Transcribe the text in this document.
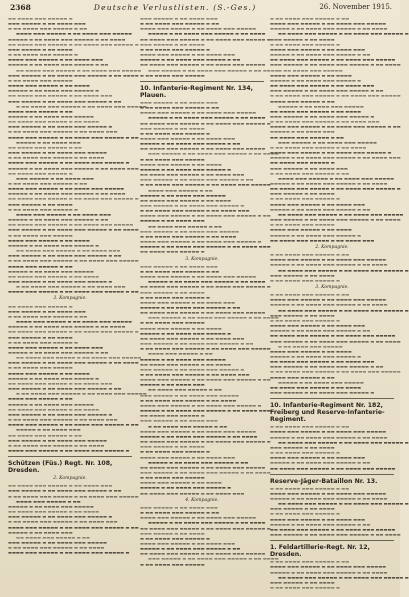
2368	Deutsche Verlustlisten. (S.-Ges.)	26. November 1915.
▬▬ ▬▬▬▬ ▬▬▬ ▬▬▬▬▬ ▬
▬▬▬ ▬▬▬▬▬ ▬ ▬▬ ▬▬▬▬ ▬▬▬
▬ ▬▬ ▬▬▬▬ ▬▬▬ ▬▬▬▬▬ ▬ ▬▬
▬▬▬▬ ▬▬▬ ▬▬▬▬▬ ▬ ▬▬ ▬▬▬▬ ▬▬▬ ▬▬▬▬▬
▬▬▬▬▬ ▬ ▬▬ ▬▬▬▬ ▬▬▬ ▬▬▬▬▬ ▬ ▬▬ ▬▬▬▬
▬▬ ▬▬▬▬ ▬▬▬ ▬▬▬▬▬ ▬ ▬▬ ▬▬▬▬ ▬▬▬ ▬▬▬▬▬ ▬
▬▬▬ ▬▬▬▬▬ ▬ ▬▬ ▬▬▬▬
▬ ▬▬ ▬▬▬▬ ▬▬▬ ▬▬▬▬▬ ▬
▬▬▬▬ ▬▬▬ ▬▬▬▬▬ ▬ ▬▬ ▬▬▬▬ ▬▬▬
▬▬▬▬▬ ▬ ▬▬ ▬▬▬▬ ▬▬▬ ▬▬▬▬▬ ▬ ▬▬
▬▬ ▬▬▬▬ ▬▬▬ ▬▬▬▬▬ ▬ ▬▬ ▬▬▬▬ ▬▬▬ ▬▬▬▬▬
▬▬▬ ▬▬▬▬▬ ▬ ▬▬ ▬▬▬▬ ▬▬▬ ▬▬▬▬▬ ▬ ▬▬ ▬▬▬▬
▬ ▬▬ ▬▬▬▬ ▬▬▬ ▬▬▬▬▬
▬▬▬▬ ▬▬▬ ▬▬▬▬▬ ▬ ▬▬ ▬▬▬▬
▬▬▬▬▬ ▬ ▬▬ ▬▬▬▬ ▬▬▬ ▬▬▬▬▬ ▬
▬▬ ▬▬▬▬ ▬▬▬ ▬▬▬▬▬ ▬ ▬▬ ▬▬▬▬ ▬▬▬
▬▬▬ ▬▬▬▬▬ ▬ ▬▬ ▬▬▬▬ ▬▬▬ ▬▬▬▬▬ ▬ ▬▬
▬ ▬▬ ▬▬▬▬ ▬▬▬ ▬▬▬▬▬ ▬ ▬▬ ▬▬▬▬ ▬▬▬ ▬▬▬▬▬
▬▬▬▬ ▬▬▬ ▬▬▬▬▬ ▬ ▬▬
▬▬▬▬▬ ▬ ▬▬ ▬▬▬▬ ▬▬▬ ▬▬▬▬▬
▬▬ ▬▬▬▬ ▬▬▬ ▬▬▬▬▬ ▬ ▬▬ ▬▬▬▬
▬▬▬ ▬▬▬▬▬ ▬ ▬▬ ▬▬▬▬ ▬▬▬ ▬▬▬▬▬ ▬
▬ ▬▬ ▬▬▬▬ ▬▬▬ ▬▬▬▬▬ ▬ ▬▬ ▬▬▬▬ ▬▬▬
▬▬▬▬ ▬▬▬ ▬▬▬▬▬ ▬ ▬▬ ▬▬▬▬ ▬▬▬ ▬▬▬▬▬ ▬ ▬▬
▬▬▬▬▬ ▬ ▬▬ ▬▬▬▬ ▬▬▬
▬▬ ▬▬▬▬ ▬▬▬ ▬▬▬▬▬ ▬ ▬▬
▬▬▬ ▬▬▬▬▬ ▬ ▬▬ ▬▬▬▬ ▬▬▬ ▬▬▬▬▬
▬ ▬▬ ▬▬▬▬ ▬▬▬ ▬▬▬▬▬ ▬ ▬▬ ▬▬▬▬
▬▬▬▬ ▬▬▬ ▬▬▬▬▬ ▬ ▬▬ ▬▬▬▬ ▬▬▬ ▬▬▬▬▬ ▬
▬▬▬▬▬ ▬ ▬▬ ▬▬▬▬ ▬▬▬ ▬▬▬▬▬ ▬ ▬▬ ▬▬▬▬ ▬▬▬
▬▬ ▬▬▬▬ ▬▬▬ ▬▬▬▬▬ ▬
▬▬▬ ▬▬▬▬▬ ▬ ▬▬ ▬▬▬▬ ▬▬▬
▬ ▬▬ ▬▬▬▬ ▬▬▬ ▬▬▬▬▬ ▬ ▬▬
▬▬▬▬ ▬▬▬ ▬▬▬▬▬ ▬ ▬▬ ▬▬▬▬ ▬▬▬ ▬▬▬▬▬
▬▬▬▬▬ ▬ ▬▬ ▬▬▬▬ ▬▬▬ ▬▬▬▬▬ ▬ ▬▬ ▬▬▬▬
▬▬ ▬▬▬▬ ▬▬▬ ▬▬▬▬▬ ▬ ▬▬ ▬▬▬▬ ▬▬▬ ▬▬▬▬▬ ▬
▬▬▬ ▬▬▬▬▬ ▬ ▬▬ ▬▬▬▬
▬ ▬▬ ▬▬▬▬ ▬▬▬ ▬▬▬▬▬ ▬
▬▬▬▬ ▬▬▬ ▬▬▬▬▬ ▬ ▬▬ ▬▬▬▬ ▬▬▬
▬▬▬▬▬ ▬ ▬▬ ▬▬▬▬ ▬▬▬ ▬▬▬▬▬ ▬ ▬▬
▬▬ ▬▬▬▬ ▬▬▬ ▬▬▬▬▬ ▬ ▬▬ ▬▬▬▬ ▬▬▬ ▬▬▬▬▬
▬▬▬ ▬▬▬▬▬ ▬ ▬▬ ▬▬▬▬ ▬▬▬ ▬▬▬▬▬ ▬ ▬▬ ▬▬▬▬
▬ ▬▬ ▬▬▬▬ ▬▬▬ ▬▬▬▬▬
▬▬▬▬ ▬▬▬ ▬▬▬▬▬ ▬ ▬▬ ▬▬▬▬
▬▬▬▬▬ ▬ ▬▬ ▬▬▬▬ ▬▬▬ ▬▬▬▬▬ ▬
▬▬ ▬▬▬▬ ▬▬▬ ▬▬▬▬▬ ▬ ▬▬ ▬▬▬▬ ▬▬▬
▬▬▬ ▬▬▬▬▬ ▬ ▬▬ ▬▬▬▬ ▬▬▬ ▬▬▬▬▬ ▬ ▬▬
▬ ▬▬ ▬▬▬▬ ▬▬▬ ▬▬▬▬▬ ▬ ▬▬ ▬▬▬▬ ▬▬▬ ▬▬▬▬▬
▬▬▬▬ ▬▬▬ ▬▬▬▬▬ ▬ ▬▬
▬▬▬▬▬ ▬ ▬▬ ▬▬▬▬ ▬▬▬ ▬▬▬▬▬
▬▬ ▬▬▬▬ ▬▬▬ ▬▬▬▬▬ ▬ ▬▬ ▬▬▬▬
▬▬▬ ▬▬▬▬▬ ▬ ▬▬ ▬▬▬▬ ▬▬▬ ▬▬▬▬▬ ▬
▬ ▬▬ ▬▬▬▬ ▬▬▬ ▬▬▬▬▬ ▬ ▬▬ ▬▬▬▬ ▬▬▬
▬▬▬▬ ▬▬▬ ▬▬▬▬▬ ▬ ▬▬ ▬▬▬▬ ▬▬▬ ▬▬▬▬▬ ▬ ▬▬
3. Kompagnie.
▬▬ ▬▬▬▬ ▬▬▬ ▬▬▬▬▬ ▬
▬▬▬ ▬▬▬▬▬ ▬ ▬▬ ▬▬▬▬ ▬▬▬
▬ ▬▬ ▬▬▬▬ ▬▬▬ ▬▬▬▬▬ ▬ ▬▬
▬▬▬▬ ▬▬▬ ▬▬▬▬▬ ▬ ▬▬ ▬▬▬▬ ▬▬▬ ▬▬▬▬▬
▬▬▬▬▬ ▬ ▬▬ ▬▬▬▬ ▬▬▬ ▬▬▬▬▬ ▬ ▬▬ ▬▬▬▬
▬▬ ▬▬▬▬ ▬▬▬ ▬▬▬▬▬ ▬ ▬▬ ▬▬▬▬ ▬▬▬ ▬▬▬▬▬ ▬
▬▬▬ ▬▬▬▬▬ ▬ ▬▬ ▬▬▬▬
▬ ▬▬ ▬▬▬▬ ▬▬▬ ▬▬▬▬▬ ▬
▬▬▬▬ ▬▬▬ ▬▬▬▬▬ ▬ ▬▬ ▬▬▬▬ ▬▬▬
▬▬▬▬▬ ▬ ▬▬ ▬▬▬▬ ▬▬▬ ▬▬▬▬▬ ▬ ▬▬
▬▬ ▬▬▬▬ ▬▬▬ ▬▬▬▬▬ ▬ ▬▬ ▬▬▬▬ ▬▬▬ ▬▬▬▬▬
▬▬▬ ▬▬▬▬▬ ▬ ▬▬ ▬▬▬▬ ▬▬▬ ▬▬▬▬▬ ▬ ▬▬ ▬▬▬▬
▬ ▬▬ ▬▬▬▬ ▬▬▬ ▬▬▬▬▬
▬▬▬▬ ▬▬▬ ▬▬▬▬▬ ▬ ▬▬ ▬▬▬▬
▬▬▬▬▬ ▬ ▬▬ ▬▬▬▬ ▬▬▬ ▬▬▬▬▬ ▬
▬▬ ▬▬▬▬ ▬▬▬ ▬▬▬▬▬ ▬ ▬▬ ▬▬▬▬ ▬▬▬
▬▬▬ ▬▬▬▬▬ ▬ ▬▬ ▬▬▬▬ ▬▬▬ ▬▬▬▬▬ ▬ ▬▬
▬ ▬▬ ▬▬▬▬ ▬▬▬ ▬▬▬▬▬ ▬ ▬▬ ▬▬▬▬ ▬▬▬ ▬▬▬▬▬
▬▬▬▬ ▬▬▬ ▬▬▬▬▬ ▬ ▬▬
▬▬▬▬▬ ▬ ▬▬ ▬▬▬▬ ▬▬▬ ▬▬▬▬▬
▬▬ ▬▬▬▬ ▬▬▬ ▬▬▬▬▬ ▬ ▬▬ ▬▬▬▬
▬▬▬ ▬▬▬▬▬ ▬ ▬▬ ▬▬▬▬ ▬▬▬ ▬▬▬▬▬ ▬
▬ ▬▬ ▬▬▬▬ ▬▬▬ ▬▬▬▬▬ ▬ ▬▬ ▬▬▬▬ ▬▬▬
▬▬▬▬ ▬▬▬ ▬▬▬▬▬ ▬ ▬▬ ▬▬▬▬ ▬▬▬ ▬▬▬▬▬ ▬ ▬▬
▬▬▬▬▬ ▬ ▬▬ ▬▬▬▬ ▬▬▬
▬▬ ▬▬▬▬ ▬▬▬ ▬▬▬▬▬ ▬ ▬▬
▬▬▬ ▬▬▬▬▬ ▬ ▬▬ ▬▬▬▬ ▬▬▬ ▬▬▬▬▬
▬ ▬▬ ▬▬▬▬ ▬▬▬ ▬▬▬▬▬ ▬ ▬▬ ▬▬▬▬
▬▬▬▬ ▬▬▬ ▬▬▬▬▬ ▬ ▬▬ ▬▬▬▬ ▬▬▬ ▬▬▬▬▬ ▬
Schützen (Füs.) Regt. Nr. 108, Dresden.
2. Kompagnie.
▬▬ ▬▬▬▬ ▬▬▬ ▬▬▬▬▬ ▬ ▬▬ ▬▬▬▬ ▬▬▬
▬▬▬ ▬▬▬▬▬ ▬ ▬▬ ▬▬▬▬ ▬▬▬ ▬▬▬▬▬ ▬ ▬▬
▬ ▬▬ ▬▬▬▬ ▬▬▬ ▬▬▬▬▬ ▬ ▬▬ ▬▬▬▬ ▬▬▬ ▬▬▬▬▬
▬▬▬▬ ▬▬▬ ▬▬▬▬▬ ▬ ▬▬
▬▬▬▬▬ ▬ ▬▬ ▬▬▬▬ ▬▬▬ ▬▬▬▬▬
▬▬ ▬▬▬▬ ▬▬▬ ▬▬▬▬▬ ▬ ▬▬ ▬▬▬▬
▬▬▬ ▬▬▬▬▬ ▬ ▬▬ ▬▬▬▬ ▬▬▬ ▬▬▬▬▬ ▬
▬ ▬▬ ▬▬▬▬ ▬▬▬ ▬▬▬▬▬ ▬ ▬▬ ▬▬▬▬ ▬▬▬
▬▬▬▬ ▬▬▬ ▬▬▬▬▬ ▬ ▬▬ ▬▬▬▬ ▬▬▬ ▬▬▬▬▬ ▬ ▬▬
▬▬▬▬▬ ▬ ▬▬ ▬▬▬▬ ▬▬▬
▬▬ ▬▬▬▬ ▬▬▬ ▬▬▬▬▬ ▬ ▬▬
▬▬▬ ▬▬▬▬▬ ▬ ▬▬ ▬▬▬▬ ▬▬▬ ▬▬▬▬▬
▬ ▬▬ ▬▬▬▬ ▬▬▬ ▬▬▬▬▬ ▬ ▬▬ ▬▬▬▬
▬▬▬▬ ▬▬▬ ▬▬▬▬▬ ▬ ▬▬ ▬▬▬▬ ▬▬▬ ▬▬▬▬▬ ▬
▬▬▬ ▬▬▬▬▬ ▬ ▬▬ ▬▬▬▬ ▬▬▬
▬ ▬▬ ▬▬▬▬ ▬▬▬ ▬▬▬▬▬ ▬ ▬▬
▬▬▬▬ ▬▬▬ ▬▬▬▬▬ ▬ ▬▬ ▬▬▬▬ ▬▬▬ ▬▬▬▬▬
▬▬▬▬▬ ▬ ▬▬ ▬▬▬▬ ▬▬▬ ▬▬▬▬▬ ▬ ▬▬ ▬▬▬▬
▬▬ ▬▬▬▬ ▬▬▬ ▬▬▬▬▬ ▬ ▬▬ ▬▬▬▬ ▬▬▬ ▬▬▬▬▬ ▬
▬▬▬ ▬▬▬▬▬ ▬ ▬▬ ▬▬▬▬
▬ ▬▬ ▬▬▬▬ ▬▬▬ ▬▬▬▬▬ ▬
▬▬▬▬ ▬▬▬ ▬▬▬▬▬ ▬ ▬▬ ▬▬▬▬ ▬▬▬
▬▬▬▬▬ ▬ ▬▬ ▬▬▬▬ ▬▬▬ ▬▬▬▬▬ ▬ ▬▬
▬▬ ▬▬▬▬ ▬▬▬ ▬▬▬▬▬ ▬ ▬▬ ▬▬▬▬ ▬▬▬ ▬▬▬▬▬
▬▬▬ ▬▬▬▬▬ ▬ ▬▬ ▬▬▬▬ ▬▬▬ ▬▬▬▬▬ ▬ ▬▬ ▬▬▬▬
▬ ▬▬ ▬▬▬▬ ▬▬▬ ▬▬▬▬▬
10. Infanterie-Regiment Nr. 134, Plauen.
▬▬▬ ▬▬▬▬▬ ▬ ▬▬ ▬▬▬▬ ▬▬▬
▬ ▬▬ ▬▬▬▬ ▬▬▬ ▬▬▬▬▬ ▬ ▬▬
▬▬▬▬ ▬▬▬ ▬▬▬▬▬ ▬ ▬▬ ▬▬▬▬ ▬▬▬ ▬▬▬▬▬
▬▬▬▬▬ ▬ ▬▬ ▬▬▬▬ ▬▬▬ ▬▬▬▬▬ ▬ ▬▬ ▬▬▬▬
▬▬ ▬▬▬▬ ▬▬▬ ▬▬▬▬▬ ▬ ▬▬ ▬▬▬▬ ▬▬▬ ▬▬▬▬▬ ▬
▬▬▬ ▬▬▬▬▬ ▬ ▬▬ ▬▬▬▬
▬ ▬▬ ▬▬▬▬ ▬▬▬ ▬▬▬▬▬ ▬
▬▬▬▬ ▬▬▬ ▬▬▬▬▬ ▬ ▬▬ ▬▬▬▬ ▬▬▬
▬▬▬▬▬ ▬ ▬▬ ▬▬▬▬ ▬▬▬ ▬▬▬▬▬ ▬ ▬▬
▬▬ ▬▬▬▬ ▬▬▬ ▬▬▬▬▬ ▬ ▬▬ ▬▬▬▬ ▬▬▬ ▬▬▬▬▬
▬▬▬ ▬▬▬▬▬ ▬ ▬▬ ▬▬▬▬ ▬▬▬ ▬▬▬▬▬ ▬ ▬▬ ▬▬▬▬
▬ ▬▬ ▬▬▬▬ ▬▬▬ ▬▬▬▬▬
▬▬▬▬ ▬▬▬ ▬▬▬▬▬ ▬ ▬▬ ▬▬▬▬
▬▬▬▬▬ ▬ ▬▬ ▬▬▬▬ ▬▬▬ ▬▬▬▬▬ ▬
▬▬ ▬▬▬▬ ▬▬▬ ▬▬▬▬▬ ▬ ▬▬ ▬▬▬▬ ▬▬▬
▬▬▬ ▬▬▬▬▬ ▬ ▬▬ ▬▬▬▬ ▬▬▬ ▬▬▬▬▬ ▬ ▬▬
▬ ▬▬ ▬▬▬▬ ▬▬▬ ▬▬▬▬▬ ▬ ▬▬ ▬▬▬▬ ▬▬▬ ▬▬▬▬▬
▬▬▬▬ ▬▬▬ ▬▬▬▬▬ ▬ ▬▬
▬▬▬▬▬ ▬ ▬▬ ▬▬▬▬ ▬▬▬ ▬▬▬▬▬
▬▬ ▬▬▬▬ ▬▬▬ ▬▬▬▬▬ ▬ ▬▬ ▬▬▬▬
▬▬▬ ▬▬▬▬▬ ▬ ▬▬ ▬▬▬▬ ▬▬▬ ▬▬▬▬▬ ▬
▬ ▬▬ ▬▬▬▬ ▬▬▬ ▬▬▬▬▬ ▬ ▬▬ ▬▬▬▬ ▬▬▬
▬▬▬▬ ▬▬▬ ▬▬▬▬▬ ▬ ▬▬ ▬▬▬▬ ▬▬▬ ▬▬▬▬▬ ▬ ▬▬
▬▬▬▬▬ ▬ ▬▬ ▬▬▬▬ ▬▬▬
▬▬ ▬▬▬▬ ▬▬▬ ▬▬▬▬▬ ▬ ▬▬
▬▬▬ ▬▬▬▬▬ ▬ ▬▬ ▬▬▬▬ ▬▬▬ ▬▬▬▬▬
▬ ▬▬ ▬▬▬▬ ▬▬▬ ▬▬▬▬▬ ▬ ▬▬ ▬▬▬▬
▬▬▬▬ ▬▬▬ ▬▬▬▬▬ ▬ ▬▬ ▬▬▬▬ ▬▬▬ ▬▬▬▬▬ ▬
▬▬▬▬▬ ▬ ▬▬ ▬▬▬▬ ▬▬▬ ▬▬▬▬▬ ▬ ▬▬ ▬▬▬▬ ▬▬▬
▬▬ ▬▬▬▬ ▬▬▬ ▬▬▬▬▬ ▬
3. Kompagnie.
▬▬▬ ▬▬▬▬▬ ▬ ▬▬ ▬▬▬▬ ▬▬▬
▬ ▬▬ ▬▬▬▬ ▬▬▬ ▬▬▬▬▬ ▬ ▬▬
▬▬▬▬ ▬▬▬ ▬▬▬▬▬ ▬ ▬▬ ▬▬▬▬ ▬▬▬ ▬▬▬▬▬
▬▬▬▬▬ ▬ ▬▬ ▬▬▬▬ ▬▬▬ ▬▬▬▬▬ ▬ ▬▬ ▬▬▬▬
▬▬ ▬▬▬▬ ▬▬▬ ▬▬▬▬▬ ▬ ▬▬ ▬▬▬▬ ▬▬▬ ▬▬▬▬▬ ▬
▬▬▬ ▬▬▬▬▬ ▬ ▬▬ ▬▬▬▬
▬ ▬▬ ▬▬▬▬ ▬▬▬ ▬▬▬▬▬ ▬
▬▬▬▬ ▬▬▬ ▬▬▬▬▬ ▬ ▬▬ ▬▬▬▬ ▬▬▬
▬▬▬▬▬ ▬ ▬▬ ▬▬▬▬ ▬▬▬ ▬▬▬▬▬ ▬ ▬▬
▬▬ ▬▬▬▬ ▬▬▬ ▬▬▬▬▬ ▬ ▬▬ ▬▬▬▬ ▬▬▬ ▬▬▬▬▬
▬▬▬ ▬▬▬▬▬ ▬ ▬▬ ▬▬▬▬ ▬▬▬ ▬▬▬▬▬ ▬ ▬▬ ▬▬▬▬
▬ ▬▬ ▬▬▬▬ ▬▬▬ ▬▬▬▬▬
▬▬▬▬ ▬▬▬ ▬▬▬▬▬ ▬ ▬▬ ▬▬▬▬
▬▬▬▬▬ ▬ ▬▬ ▬▬▬▬ ▬▬▬ ▬▬▬▬▬ ▬
▬▬ ▬▬▬▬ ▬▬▬ ▬▬▬▬▬ ▬ ▬▬ ▬▬▬▬ ▬▬▬
▬▬▬ ▬▬▬▬▬ ▬ ▬▬ ▬▬▬▬ ▬▬▬ ▬▬▬▬▬ ▬ ▬▬
▬ ▬▬ ▬▬▬▬ ▬▬▬ ▬▬▬▬▬ ▬ ▬▬ ▬▬▬▬ ▬▬▬ ▬▬▬▬▬
▬▬▬▬ ▬▬▬ ▬▬▬▬▬ ▬ ▬▬
▬▬▬▬▬ ▬ ▬▬ ▬▬▬▬ ▬▬▬ ▬▬▬▬▬
▬▬ ▬▬▬▬ ▬▬▬ ▬▬▬▬▬ ▬ ▬▬ ▬▬▬▬
▬▬▬ ▬▬▬▬▬ ▬ ▬▬ ▬▬▬▬ ▬▬▬ ▬▬▬▬▬ ▬
▬ ▬▬ ▬▬▬▬ ▬▬▬ ▬▬▬▬▬ ▬ ▬▬ ▬▬▬▬ ▬▬▬
▬▬▬▬ ▬▬▬ ▬▬▬▬▬ ▬ ▬▬ ▬▬▬▬ ▬▬▬ ▬▬▬▬▬ ▬ ▬▬
▬▬▬▬▬ ▬ ▬▬ ▬▬▬▬ ▬▬▬
▬▬ ▬▬▬▬ ▬▬▬ ▬▬▬▬▬ ▬ ▬▬
▬▬▬ ▬▬▬▬▬ ▬ ▬▬ ▬▬▬▬ ▬▬▬ ▬▬▬▬▬
▬ ▬▬ ▬▬▬▬ ▬▬▬ ▬▬▬▬▬ ▬ ▬▬ ▬▬▬▬
▬▬▬▬ ▬▬▬ ▬▬▬▬▬ ▬ ▬▬ ▬▬▬▬ ▬▬▬ ▬▬▬▬▬ ▬
▬▬▬▬▬ ▬ ▬▬ ▬▬▬▬ ▬▬▬ ▬▬▬▬▬ ▬ ▬▬ ▬▬▬▬ ▬▬▬
▬▬ ▬▬▬▬ ▬▬▬ ▬▬▬▬▬ ▬
▬▬▬ ▬▬▬▬▬ ▬ ▬▬ ▬▬▬▬ ▬▬▬
▬ ▬▬ ▬▬▬▬ ▬▬▬ ▬▬▬▬▬ ▬ ▬▬
▬▬▬▬ ▬▬▬ ▬▬▬▬▬ ▬ ▬▬ ▬▬▬▬ ▬▬▬ ▬▬▬▬▬
▬▬▬▬▬ ▬ ▬▬ ▬▬▬▬ ▬▬▬ ▬▬▬▬▬ ▬ ▬▬ ▬▬▬▬
▬▬ ▬▬▬▬ ▬▬▬ ▬▬▬▬▬ ▬ ▬▬ ▬▬▬▬ ▬▬▬ ▬▬▬▬▬ ▬
▬▬▬ ▬▬▬▬▬ ▬ ▬▬ ▬▬▬▬
▬ ▬▬ ▬▬▬▬ ▬▬▬ ▬▬▬▬▬ ▬
▬▬▬▬ ▬▬▬ ▬▬▬▬▬ ▬ ▬▬ ▬▬▬▬ ▬▬▬
▬▬▬▬▬ ▬ ▬▬ ▬▬▬▬ ▬▬▬ ▬▬▬▬▬ ▬ ▬▬
▬▬ ▬▬▬▬ ▬▬▬ ▬▬▬▬▬ ▬ ▬▬ ▬▬▬▬ ▬▬▬ ▬▬▬▬▬
▬▬▬ ▬▬▬▬▬ ▬ ▬▬ ▬▬▬▬ ▬▬▬ ▬▬▬▬▬ ▬ ▬▬ ▬▬▬▬
▬ ▬▬ ▬▬▬▬ ▬▬▬ ▬▬▬▬▬
▬▬▬▬ ▬▬▬ ▬▬▬▬▬ ▬ ▬▬ ▬▬▬▬
▬▬▬▬▬ ▬ ▬▬ ▬▬▬▬ ▬▬▬ ▬▬▬▬▬ ▬
▬▬ ▬▬▬▬ ▬▬▬ ▬▬▬▬▬ ▬ ▬▬ ▬▬▬▬ ▬▬▬
4. Kompagnie.
▬▬▬ ▬▬▬▬▬ ▬ ▬▬ ▬▬▬▬ ▬▬▬
▬ ▬▬ ▬▬▬▬ ▬▬▬ ▬▬▬▬▬ ▬ ▬▬
▬▬▬▬ ▬▬▬ ▬▬▬▬▬ ▬ ▬▬ ▬▬▬▬ ▬▬▬ ▬▬▬▬▬
▬▬▬▬▬ ▬ ▬▬ ▬▬▬▬ ▬▬▬ ▬▬▬▬▬ ▬ ▬▬ ▬▬▬▬
▬▬ ▬▬▬▬ ▬▬▬ ▬▬▬▬▬ ▬ ▬▬ ▬▬▬▬ ▬▬▬ ▬▬▬▬▬ ▬
▬▬▬ ▬▬▬▬▬ ▬ ▬▬ ▬▬▬▬
▬ ▬▬ ▬▬▬▬ ▬▬▬ ▬▬▬▬▬ ▬
▬▬▬▬ ▬▬▬ ▬▬▬▬▬ ▬ ▬▬ ▬▬▬▬ ▬▬▬
▬▬▬▬▬ ▬ ▬▬ ▬▬▬▬ ▬▬▬ ▬▬▬▬▬ ▬ ▬▬
▬▬ ▬▬▬▬ ▬▬▬ ▬▬▬▬▬ ▬ ▬▬ ▬▬▬▬ ▬▬▬ ▬▬▬▬▬
▬▬▬ ▬▬▬▬▬ ▬ ▬▬ ▬▬▬▬ ▬▬▬ ▬▬▬▬▬ ▬ ▬▬ ▬▬▬▬
▬ ▬▬ ▬▬▬▬ ▬▬▬ ▬▬▬▬▬
▬ ▬▬ ▬▬▬▬ ▬▬▬ ▬▬▬▬▬ ▬ ▬▬
▬▬▬▬ ▬▬▬ ▬▬▬▬▬ ▬ ▬▬ ▬▬▬▬ ▬▬▬ ▬▬▬▬▬
▬▬▬▬▬ ▬ ▬▬ ▬▬▬▬ ▬▬▬ ▬▬▬▬▬ ▬ ▬▬ ▬▬▬▬
▬▬ ▬▬▬▬ ▬▬▬ ▬▬▬▬▬ ▬ ▬▬ ▬▬▬▬ ▬▬▬ ▬▬▬▬▬ ▬
▬▬▬ ▬▬▬▬▬ ▬ ▬▬ ▬▬▬▬
▬ ▬▬ ▬▬▬▬ ▬▬▬ ▬▬▬▬▬ ▬
▬▬▬▬ ▬▬▬ ▬▬▬▬▬ ▬ ▬▬ ▬▬▬▬ ▬▬▬
▬▬▬▬▬ ▬ ▬▬ ▬▬▬▬ ▬▬▬ ▬▬▬▬▬ ▬ ▬▬
▬▬ ▬▬▬▬ ▬▬▬ ▬▬▬▬▬ ▬ ▬▬ ▬▬▬▬ ▬▬▬ ▬▬▬▬▬
▬▬▬ ▬▬▬▬▬ ▬ ▬▬ ▬▬▬▬ ▬▬▬ ▬▬▬▬▬ ▬ ▬▬ ▬▬▬▬
▬ ▬▬ ▬▬▬▬ ▬▬▬ ▬▬▬▬▬
▬▬▬▬ ▬▬▬ ▬▬▬▬▬ ▬ ▬▬ ▬▬▬▬
▬▬▬▬▬ ▬ ▬▬ ▬▬▬▬ ▬▬▬ ▬▬▬▬▬ ▬
▬▬ ▬▬▬▬ ▬▬▬ ▬▬▬▬▬ ▬ ▬▬ ▬▬▬▬ ▬▬▬
▬▬▬ ▬▬▬▬▬ ▬ ▬▬ ▬▬▬▬ ▬▬▬ ▬▬▬▬▬ ▬ ▬▬
▬ ▬▬ ▬▬▬▬ ▬▬▬ ▬▬▬▬▬ ▬ ▬▬ ▬▬▬▬ ▬▬▬ ▬▬▬▬▬
▬▬▬▬ ▬▬▬ ▬▬▬▬▬ ▬ ▬▬
▬▬▬▬▬ ▬ ▬▬ ▬▬▬▬ ▬▬▬ ▬▬▬▬▬
▬▬ ▬▬▬▬ ▬▬▬ ▬▬▬▬▬ ▬ ▬▬ ▬▬▬▬
▬▬▬ ▬▬▬▬▬ ▬ ▬▬ ▬▬▬▬ ▬▬▬ ▬▬▬▬▬ ▬
▬ ▬▬ ▬▬▬▬ ▬▬▬ ▬▬▬▬▬ ▬ ▬▬ ▬▬▬▬ ▬▬▬
▬▬▬▬ ▬▬▬ ▬▬▬▬▬ ▬ ▬▬ ▬▬▬▬ ▬▬▬ ▬▬▬▬▬ ▬ ▬▬
▬▬▬▬▬ ▬ ▬▬ ▬▬▬▬ ▬▬▬
▬▬ ▬▬▬▬ ▬▬▬ ▬▬▬▬▬ ▬ ▬▬
▬▬▬ ▬▬▬▬▬ ▬ ▬▬ ▬▬▬▬ ▬▬▬ ▬▬▬▬▬
▬ ▬▬ ▬▬▬▬ ▬▬▬ ▬▬▬▬▬ ▬ ▬▬ ▬▬▬▬
▬▬▬▬ ▬▬▬ ▬▬▬▬▬ ▬ ▬▬ ▬▬▬▬ ▬▬▬ ▬▬▬▬▬ ▬
▬▬▬▬▬ ▬ ▬▬ ▬▬▬▬ ▬▬▬ ▬▬▬▬▬ ▬ ▬▬ ▬▬▬▬ ▬▬▬
▬▬ ▬▬▬▬ ▬▬▬ ▬▬▬▬▬ ▬
▬▬▬ ▬▬▬▬▬ ▬ ▬▬ ▬▬▬▬ ▬▬▬
▬ ▬▬ ▬▬▬▬ ▬▬▬ ▬▬▬▬▬ ▬ ▬▬
▬▬▬▬ ▬▬▬ ▬▬▬▬▬ ▬ ▬▬ ▬▬▬▬ ▬▬▬ ▬▬▬▬▬
▬▬▬▬▬ ▬ ▬▬ ▬▬▬▬ ▬▬▬ ▬▬▬▬▬ ▬ ▬▬ ▬▬▬▬
▬▬ ▬▬▬▬ ▬▬▬ ▬▬▬▬▬ ▬ ▬▬ ▬▬▬▬ ▬▬▬ ▬▬▬▬▬ ▬
▬▬▬ ▬▬▬▬▬ ▬ ▬▬ ▬▬▬▬
▬ ▬▬ ▬▬▬▬ ▬▬▬ ▬▬▬▬▬ ▬
▬▬▬▬ ▬▬▬ ▬▬▬▬▬ ▬ ▬▬ ▬▬▬▬ ▬▬▬
▬▬▬▬▬ ▬ ▬▬ ▬▬▬▬ ▬▬▬ ▬▬▬▬▬ ▬ ▬▬
▬▬ ▬▬▬▬ ▬▬▬ ▬▬▬▬▬ ▬ ▬▬ ▬▬▬▬ ▬▬▬ ▬▬▬▬▬
▬▬▬ ▬▬▬▬▬ ▬ ▬▬ ▬▬▬▬ ▬▬▬ ▬▬▬▬▬ ▬ ▬▬ ▬▬▬▬
▬ ▬▬ ▬▬▬▬ ▬▬▬ ▬▬▬▬▬
▬▬▬▬ ▬▬▬ ▬▬▬▬▬ ▬ ▬▬ ▬▬▬▬
▬▬▬▬▬ ▬ ▬▬ ▬▬▬▬ ▬▬▬ ▬▬▬▬▬ ▬
▬▬ ▬▬▬▬ ▬▬▬ ▬▬▬▬▬ ▬ ▬▬ ▬▬▬▬ ▬▬▬
2. Kompagnie.
▬ ▬▬ ▬▬▬▬ ▬▬▬ ▬▬▬▬▬ ▬ ▬▬
▬▬▬▬ ▬▬▬ ▬▬▬▬▬ ▬ ▬▬ ▬▬▬▬ ▬▬▬ ▬▬▬▬▬
▬▬▬▬▬ ▬ ▬▬ ▬▬▬▬ ▬▬▬ ▬▬▬▬▬ ▬ ▬▬ ▬▬▬▬
▬▬ ▬▬▬▬ ▬▬▬ ▬▬▬▬▬ ▬ ▬▬ ▬▬▬▬ ▬▬▬ ▬▬▬▬▬ ▬
▬▬▬ ▬▬▬▬▬ ▬ ▬▬ ▬▬▬▬
▬ ▬▬ ▬▬▬▬ ▬▬▬ ▬▬▬▬▬ ▬
3. Kompagnie.
▬ ▬▬ ▬▬▬▬ ▬▬▬ ▬▬▬▬▬ ▬ ▬▬
▬▬▬▬ ▬▬▬ ▬▬▬▬▬ ▬ ▬▬ ▬▬▬▬ ▬▬▬ ▬▬▬▬▬
▬▬▬▬▬ ▬ ▬▬ ▬▬▬▬ ▬▬▬ ▬▬▬▬▬ ▬ ▬▬ ▬▬▬▬
▬▬ ▬▬▬▬ ▬▬▬ ▬▬▬▬▬ ▬ ▬▬ ▬▬▬▬ ▬▬▬ ▬▬▬▬▬ ▬
▬▬▬ ▬▬▬▬▬ ▬ ▬▬ ▬▬▬▬
▬ ▬▬ ▬▬▬▬ ▬▬▬ ▬▬▬▬▬ ▬
▬▬▬▬ ▬▬▬ ▬▬▬▬▬ ▬ ▬▬ ▬▬▬▬ ▬▬▬
▬▬▬▬▬ ▬ ▬▬ ▬▬▬▬ ▬▬▬ ▬▬▬▬▬ ▬ ▬▬
▬▬ ▬▬▬▬ ▬▬▬ ▬▬▬▬▬ ▬ ▬▬ ▬▬▬▬ ▬▬▬ ▬▬▬▬▬
▬▬▬ ▬▬▬▬▬ ▬ ▬▬ ▬▬▬▬ ▬▬▬ ▬▬▬▬▬ ▬ ▬▬ ▬▬▬▬
▬ ▬▬ ▬▬▬▬ ▬▬▬ ▬▬▬▬▬
▬▬▬▬ ▬▬▬ ▬▬▬▬▬ ▬ ▬▬ ▬▬▬▬
▬▬▬▬▬ ▬ ▬▬ ▬▬▬▬ ▬▬▬ ▬▬▬▬▬ ▬
▬▬ ▬▬▬▬ ▬▬▬ ▬▬▬▬▬ ▬ ▬▬ ▬▬▬▬ ▬▬▬
▬▬▬ ▬▬▬▬▬ ▬ ▬▬ ▬▬▬▬ ▬▬▬ ▬▬▬▬▬ ▬ ▬▬
▬ ▬▬ ▬▬▬▬ ▬▬▬ ▬▬▬▬▬ ▬ ▬▬ ▬▬▬▬ ▬▬▬ ▬▬▬▬▬
▬▬▬▬ ▬▬▬ ▬▬▬▬▬ ▬ ▬▬
▬▬▬▬▬ ▬ ▬▬ ▬▬▬▬ ▬▬▬ ▬▬▬▬▬
▬▬ ▬▬▬▬ ▬▬▬ ▬▬▬▬▬ ▬ ▬▬ ▬▬▬▬
▬▬▬ ▬▬▬▬▬ ▬ ▬▬ ▬▬▬▬ ▬▬▬ ▬▬▬▬▬ ▬
10. Infanterie-Regiment Nr. 182, Freiberg und Reserve-Infanterie-Regiment.
▬ ▬▬ ▬▬▬▬ ▬▬▬ ▬▬▬▬▬ ▬ ▬▬
▬▬▬▬ ▬▬▬ ▬▬▬▬▬ ▬ ▬▬ ▬▬▬▬ ▬▬▬ ▬▬▬▬▬
▬▬▬▬▬ ▬ ▬▬ ▬▬▬▬ ▬▬▬ ▬▬▬▬▬ ▬ ▬▬ ▬▬▬▬
▬▬ ▬▬▬▬ ▬▬▬ ▬▬▬▬▬ ▬ ▬▬ ▬▬▬▬ ▬▬▬ ▬▬▬▬▬ ▬
▬▬▬ ▬▬▬▬▬ ▬ ▬▬ ▬▬▬▬
▬ ▬▬ ▬▬▬▬ ▬▬▬ ▬▬▬▬▬ ▬
▬▬▬▬ ▬▬▬ ▬▬▬▬▬ ▬ ▬▬ ▬▬▬▬ ▬▬▬
▬▬▬▬▬ ▬ ▬▬ ▬▬▬▬ ▬▬▬ ▬▬▬▬▬ ▬ ▬▬
▬▬ ▬▬▬▬ ▬▬▬ ▬▬▬▬▬ ▬ ▬▬ ▬▬▬▬ ▬▬▬ ▬▬▬▬▬
Reserve-Jäger-Bataillon Nr. 13.
▬ ▬▬ ▬▬▬▬ ▬▬▬ ▬▬▬▬▬ ▬ ▬▬
▬▬▬▬ ▬▬▬ ▬▬▬▬▬ ▬ ▬▬ ▬▬▬▬ ▬▬▬ ▬▬▬▬▬
▬▬▬▬▬ ▬ ▬▬ ▬▬▬▬ ▬▬▬ ▬▬▬▬▬ ▬ ▬▬ ▬▬▬▬
▬▬ ▬▬▬▬ ▬▬▬ ▬▬▬▬▬ ▬ ▬▬ ▬▬▬▬ ▬▬▬ ▬▬▬▬▬ ▬
▬▬▬ ▬▬▬▬▬ ▬ ▬▬ ▬▬▬▬
▬ ▬▬ ▬▬▬▬ ▬▬▬ ▬▬▬▬▬ ▬
▬▬▬▬ ▬▬▬ ▬▬▬▬▬ ▬ ▬▬ ▬▬▬▬ ▬▬▬
▬▬▬▬▬ ▬ ▬▬ ▬▬▬▬ ▬▬▬ ▬▬▬▬▬ ▬ ▬▬
▬▬ ▬▬▬▬ ▬▬▬ ▬▬▬▬▬ ▬ ▬▬ ▬▬▬▬ ▬▬▬ ▬▬▬▬▬
▬▬▬ ▬▬▬▬▬ ▬ ▬▬ ▬▬▬▬ ▬▬▬ ▬▬▬▬▬ ▬ ▬▬ ▬▬▬▬
1. Feldartillerie-Regt. Nr. 12, Dresden.
▬ ▬▬ ▬▬▬▬ ▬▬▬ ▬▬▬▬▬ ▬ ▬▬
▬▬▬▬ ▬▬▬ ▬▬▬▬▬ ▬ ▬▬ ▬▬▬▬ ▬▬▬ ▬▬▬▬▬
▬▬▬▬▬ ▬ ▬▬ ▬▬▬▬ ▬▬▬ ▬▬▬▬▬ ▬ ▬▬ ▬▬▬▬
▬▬ ▬▬▬▬ ▬▬▬ ▬▬▬▬▬ ▬ ▬▬ ▬▬▬▬ ▬▬▬ ▬▬▬▬▬ ▬
▬▬▬ ▬▬▬▬▬ ▬ ▬▬ ▬▬▬▬
▬ ▬▬ ▬▬▬▬ ▬▬▬ ▬▬▬▬▬ ▬
